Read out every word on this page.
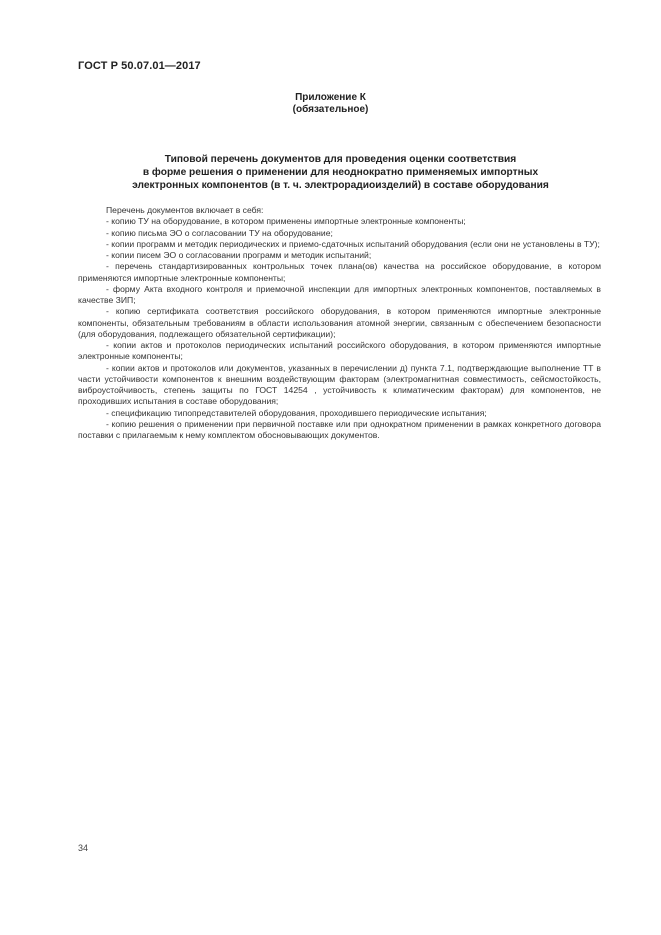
ГОСТ Р 50.07.01—2017
Приложение К
(обязательное)
Типовой перечень документов для проведения оценки соответствия
в форме решения о применении для неоднократно применяемых импортных
электронных компонентов (в т. ч. электрорадиоизделий) в составе оборудования

Перечень документов включает в себя:

- копию ТУ на оборудование, в котором применены импортные электронные компоненты;

- копию письма ЭО о согласовании ТУ на оборудование;

- копии программ и методик периодических и приемо-сдаточных испытаний оборудования (если они не установлены в ТУ);

- копии писем ЭО о согласовании программ и методик испытаний;

- перечень стандартизированных контрольных точек плана(ов) качества на российское оборудование, в котором применяются импортные электронные компоненты;

- форму Акта входного контроля и приемочной инспекции для импортных электронных компонентов, поставляемых в качестве ЗИП;

- копию сертификата соответствия российского оборудования, в котором применяются импортные электронные компоненты, обязательным требованиям в области использования атомной энергии, связанным с обеспечением безопасности (для оборудования, подлежащего обязательной сертификации);

- копии актов и протоколов периодических испытаний российского оборудования, в котором применяются импортные электронные компоненты;

- копии актов и протоколов или документов, указанных в перечислении д) пункта 7.1, подтверждающие выполнение ТТ в части устойчивости компонентов к внешним воздействующим факторам (электромагнитная совместимость, сейсмостойкость, виброустойчивость, степень защиты по ГОСТ 14254 , устойчивость к климатическим факторам) для компонентов, не проходивших испытания в составе оборудования;

- спецификацию типопредставителей оборудования, проходившего периодические испытания;

- копию решения о применении при первичной поставке или при однократном применении в рамках конкретного договора поставки с прилагаемым к нему комплектом обосновывающих документов.

34
